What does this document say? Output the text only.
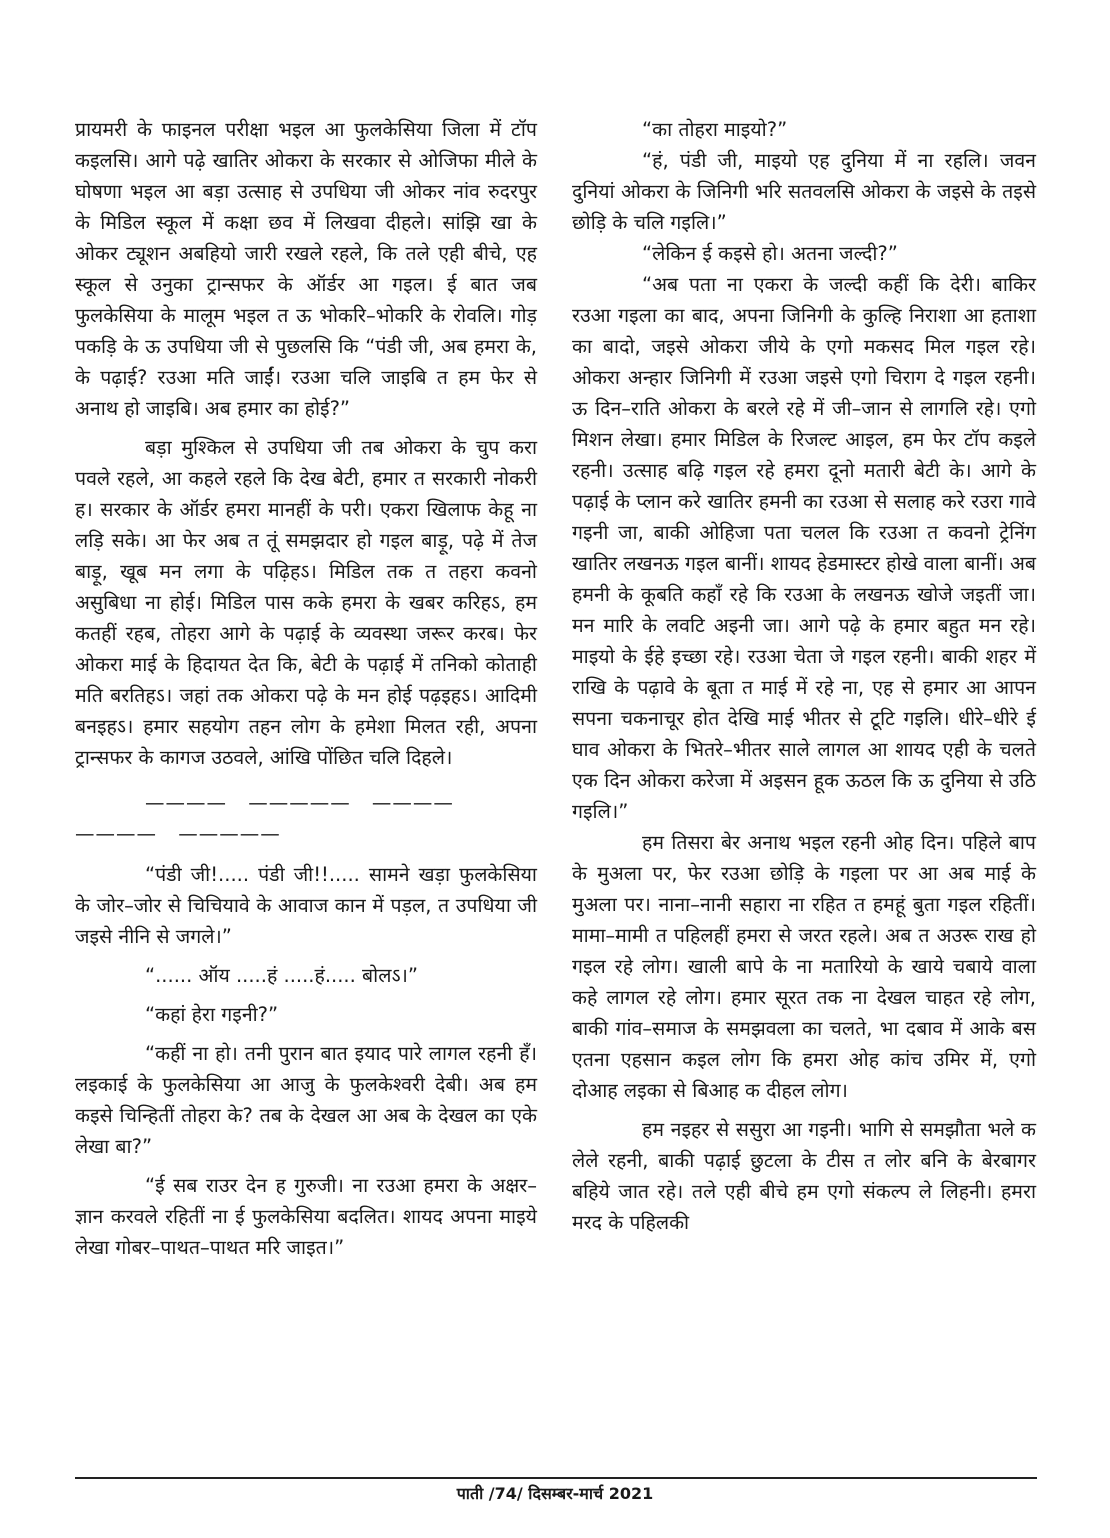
प्रायमरी के फाइनल परीक्षा भइल आ फुलकेसिया जिला में टॉप कइलसि। आगे पढ़े खातिर ओकरा के सरकार से ओजिफा मीले के घोषणा भइल आ बड़ा उत्साह से उपधिया जी ओकर नांव रुदरपुर के मिडिल स्कूल में कक्षा छव में लिखवा दीहले। सांझि खा के ओकर ट्यूशन अबहियो जारी रखले रहले, कि तले एही बीचे, एह स्कूल से उनुका ट्रान्सफर के ऑर्डर आ गइल। ई बात जब फुलकेसिया के मालूम भइल त ऊ भोकरि–भोकरि के रोवलि। गोड़ पकड़ि के ऊ उपधिया जी से पुछलसि कि “पंडी जी, अब हमरा के, के पढ़ाई? रउआ मति जाईं। रउआ चलि जाइबि त हम फेर से अनाथ हो जाइबि। अब हमार का होई?”

बड़ा मुश्किल से उपधिया जी तब ओकरा के चुप करा पवले रहले, आ कहले रहले कि देख बेटी, हमार त सरकारी नोकरी ह। सरकार के ऑर्डर हमरा मानहीं के परी। एकरा खिलाफ केहू ना लड़ि सके। आ फेर अब त तूं समझदार हो गइल बाड़ू, पढ़े में तेज बाड़ू, खूब मन लगा के पढ़िहऽ। मिडिल तक त तहरा कवनो असुबिधा ना होई। मिडिल पास कके हमरा के खबर करिहऽ, हम कतहीं रहब, तोहरा आगे के पढ़ाई के व्यवस्था जरूर करब। फेर ओकरा माई के हिदायत देत कि, बेटी के पढ़ाई में तनिको कोताही मति बरतिहऽ। जहां तक ओकरा पढ़े के मन होई पढ़इहऽ। आदिमी बनइहऽ। हमार सहयोग तहन लोग के हमेशा मिलत रही, अपना ट्रान्सफर के कागज उठवले, आंखि पोंछित चलि दिहले।

———— ————— ————
———— —————

“पंडी जी!..... पंडी जी!!..... सामने खड़ा फुलकेसिया के जोर–जोर से चिचियावे के आवाज कान में पड़ल, त उपधिया जी जइसे नीनि से जगले।”

“...... ऑय .....हं .....हं..... बोलऽ।”

“कहां हेरा गइनी?”

“कहीं ना हो। तनी पुरान बात इयाद पारे लागल रहनी हँ। लइकाई के फुलकेसिया आ आजु के फुलकेश्वरी देबी। अब हम कइसे चिन्हितीं तोहरा के? तब के देखल आ अब के देखल का एके लेखा बा?”

“ई सब राउर देन ह गुरुजी। ना रउआ हमरा के अक्षर–ज्ञान करवले रहितीं ना ई फुलकेसिया बदलित। शायद अपना माइये लेखा गोबर–पाथत–पाथत मरि जाइत।”

“का तोहरा माइयो?”

“हं, पंडी जी, माइयो एह दुनिया में ना रहलि। जवन दुनियां ओकरा के जिनिगी भरि सतवलसि ओकरा के जइसे के तइसे छोड़ि के चलि गइलि।”

“लेकिन ई कइसे हो। अतना जल्दी?”

“अब पता ना एकरा के जल्दी कहीं कि देरी। बाकिर रउआ गइला का बाद, अपना जिनिगी के कुल्हि निराशा आ हताशा का बादो, जइसे ओकरा जीये के एगो मकसद मिल गइल रहे। ओकरा अन्हार जिनिगी में रउआ जइसे एगो चिराग दे गइल रहनी। ऊ दिन–राति ओकरा के बरले रहे में जी–जान से लागलि रहे। एगो मिशन लेखा। हमार मिडिल के रिजल्ट आइल, हम फेर टॉप कइले रहनी। उत्साह बढ़ि गइल रहे हमरा दूनो मतारी बेटी के। आगे के पढ़ाई के प्लान करे खातिर हमनी का रउआ से सलाह करे रउरा गावे गइनी जा, बाकी ओहिजा पता चलल कि रउआ त कवनो ट्रेनिंग खातिर लखनऊ गइल बानीं। शायद हेडमास्टर होखे वाला बानीं। अब हमनी के कूबति कहाँ रहे कि रउआ के लखनऊ खोजे जइतीं जा। मन मारि के लवटि अइनी जा। आगे पढ़े के हमार बहुत मन रहे। माइयो के ईहे इच्छा रहे। रउआ चेता जे गइल रहनी। बाकी शहर में राखि के पढ़ावे के बूता त माई में रहे ना, एह से हमार आ आपन सपना चकनाचूर होत देखि माई भीतर से टूटि गइलि। धीरे–धीरे ई घाव ओकरा के भितरे–भीतर साले लागल आ शायद एही के चलते एक दिन ओकरा करेजा में अइसन हूक ऊठल कि ऊ दुनिया से उठि गइलि।”

हम तिसरा बेर अनाथ भइल रहनी ओह दिन। पहिले बाप के मुअला पर, फेर रउआ छोड़ि के गइला पर आ अब माई के मुअला पर। नाना–नानी सहारा ना रहित त हमहूं बुता गइल रहितीं। मामा–मामी त पहिलहीं हमरा से जरत रहले। अब त अउरू राख हो गइल रहे लोग। खाली बापे के ना मतारियो के खाये चबाये वाला कहे लागल रहे लोग। हमार सूरत तक ना देखल चाहत रहे लोग, बाकी गांव–समाज के समझवला का चलते, भा दबाव में आके बस एतना एहसान कइल लोग कि हमरा ओह कांच उमिर में, एगो दोआह लइका से बिआह क दीहल लोग।

हम नइहर से ससुरा आ गइनी। भागि से समझौता भले क लेले रहनी, बाकी पढ़ाई छुटला के टीस त लोर बनि के बेरबागर बहिये जात रहे। तले एही बीचे हम एगो संकल्प ले लिहनी। हमरा मरद के पहिलकी

पाती /74/ दिसम्बर-मार्च 2021
